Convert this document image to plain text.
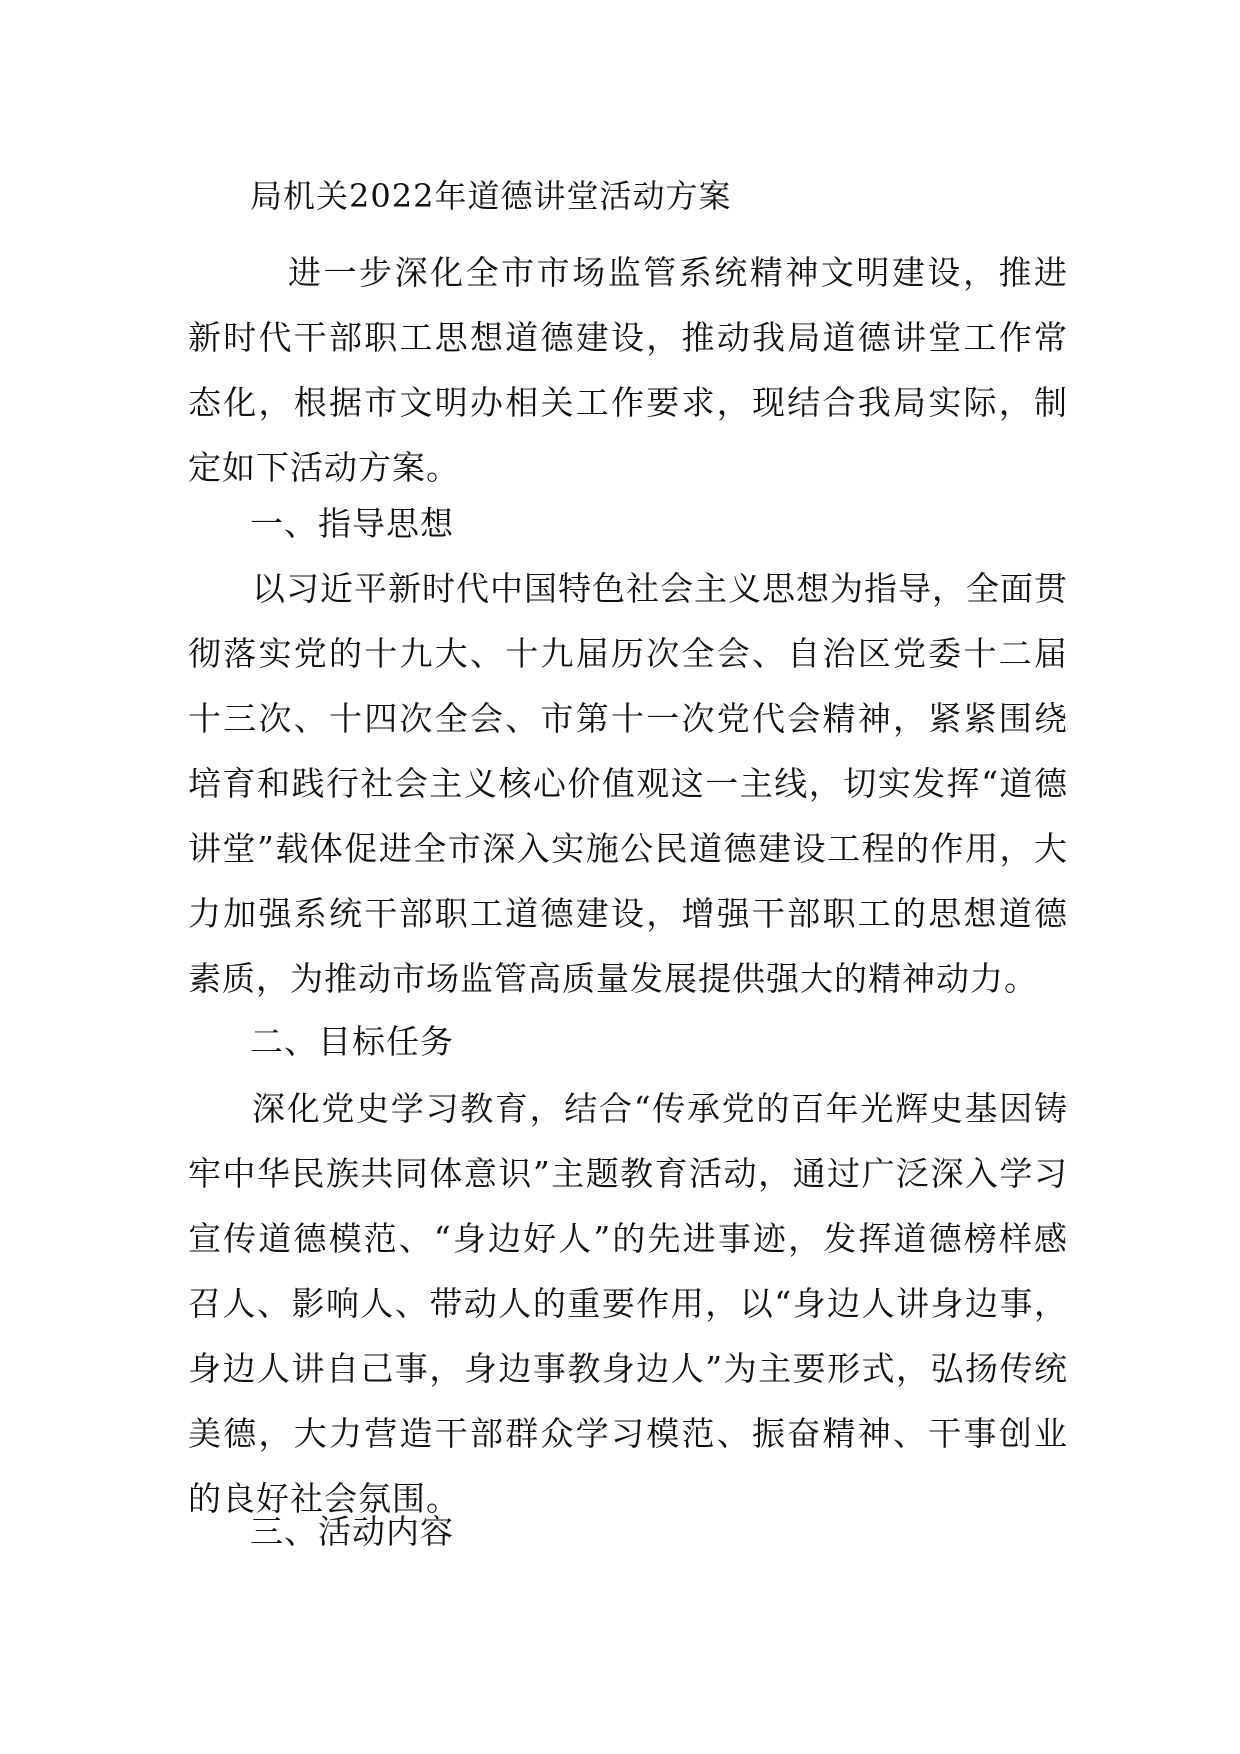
局机关2022年道德讲堂活动方案

进一步深化全市市场监管系统精神文明建设，推进新时代干部职工思想道德建设，推动我局道德讲堂工作常态化，根据市文明办相关工作要求，现结合我局实际，制定如下活动方案。

一、指导思想

以习近平新时代中国特色社会主义思想为指导，全面贯彻落实党的十九大、十九届历次全会、自治区党委十二届十三次、十四次全会、市第十一次党代会精神，紧紧围绕培育和践行社会主义核心价值观这一主线，切实发挥“道德讲堂”载体促进全市深入实施公民道德建设工程的作用，大力加强系统干部职工道德建设，增强干部职工的思想道德素质，为推动市场监管高质量发展提供强大的精神动力。

二、目标任务

深化党史学习教育，结合“传承党的百年光辉史基因铸牢中华民族共同体意识”主题教育活动，通过广泛深入学习宣传道德模范、“身边好人”的先进事迹，发挥道德榜样感召人、影响人、带动人的重要作用，以“身边人讲身边事，身边人讲自己事，身边事教身边人”为主要形式，弘扬传统美德，大力营造干部群众学习模范、振奋精神、干事创业的良好社会氛围。

三、活动内容
